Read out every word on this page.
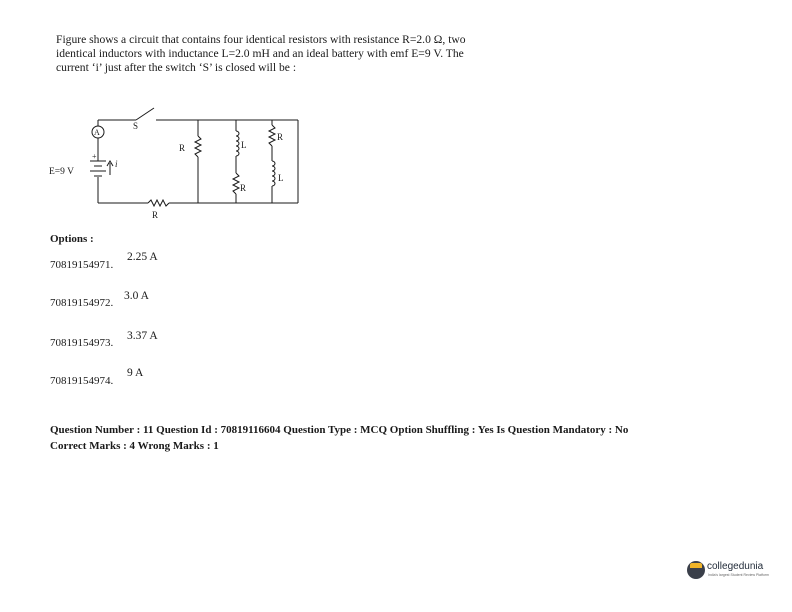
Figure shows a circuit that contains four identical resistors with resistance R=2.0 Ω, two

identical inductors with inductance L=2.0 mH and an ideal battery with emf E=9 V. The

current ‘i’ just after the switch ‘S’ is closed will be :

A
S
+
E=9 V
i
R
R	L
R
R
L
Options :
70819154971.
2.25 A
70819154972.
3.0 A
70819154973.
3.37 A
70819154974.
9 A
Question Number : 11 Question Id : 70819116604 Question Type : MCQ Option Shuffling : Yes Is Question Mandatory : No
Correct Marks : 4 Wrong Marks : 1
collegedunia
India's largest Student Review Platform
